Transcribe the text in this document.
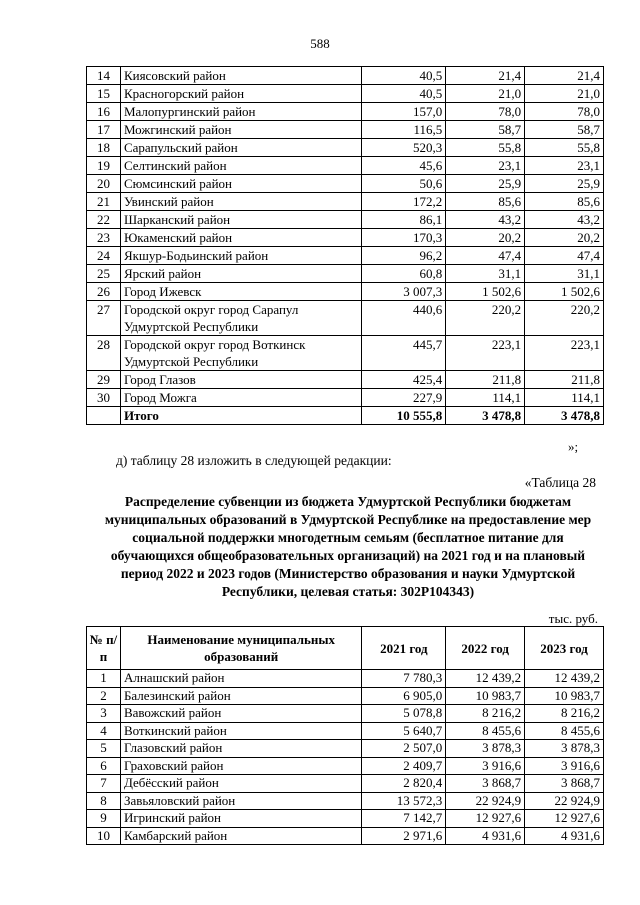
588
14	Киясовский район	40,5	21,4	21,4
15	Красногорский район	40,5	21,0	21,0
16	Малопургинский район	157,0	78,0	78,0
17	Можгинский район	116,5	58,7	58,7
18	Сарапульский район	520,3	55,8	55,8
19	Селтинский район	45,6	23,1	23,1
20	Сюмсинский район	50,6	25,9	25,9
21	Увинский район	172,2	85,6	85,6
22	Шарканский район	86,1	43,2	43,2
23	Юкаменский район	170,3	20,2	20,2
24	Якшур-Бодьинский район	96,2	47,4	47,4
25	Ярский район	60,8	31,1	31,1
26	Город Ижевск	3 007,3	1 502,6	1 502,6
27	Городской округ город Сарапул Удмуртской Республики	440,6	220,2	220,2
28	Городской округ город Воткинск Удмуртской Республики	445,7	223,1	223,1
29	Город Глазов	425,4	211,8	211,8
30	Город Можга	227,9	114,1	114,1
	Итого	10 555,8	3 478,8	3 478,8
»;
д) таблицу 28 изложить в следующей редакции:
«Таблица 28
Распределение субвенции из бюджета Удмуртской Республики бюджетам муниципальных образований в Удмуртской Республике на предоставление мер социальной поддержки многодетным семьям (бесплатное питание для обучающихся общеобразовательных организаций) на 2021 год и на плановый период 2022 и 2023 годов (Министерство образования и науки Удмуртской Республики, целевая статья: 302P104343)
тыс. руб.
№ п/п	Наименование муниципальных образований	2021 год	2022 год	2023 год
1	Алнашский район	7 780,3	12 439,2	12 439,2
2	Балезинский район	6 905,0	10 983,7	10 983,7
3	Вавожский район	5 078,8	8 216,2	8 216,2
4	Воткинский район	5 640,7	8 455,6	8 455,6
5	Глазовский район	2 507,0	3 878,3	3 878,3
6	Граховский район	2 409,7	3 916,6	3 916,6
7	Дебёсский район	2 820,4	3 868,7	3 868,7
8	Завьяловский район	13 572,3	22 924,9	22 924,9
9	Игринский район	7 142,7	12 927,6	12 927,6
10	Камбарский район	2 971,6	4 931,6	4 931,6
